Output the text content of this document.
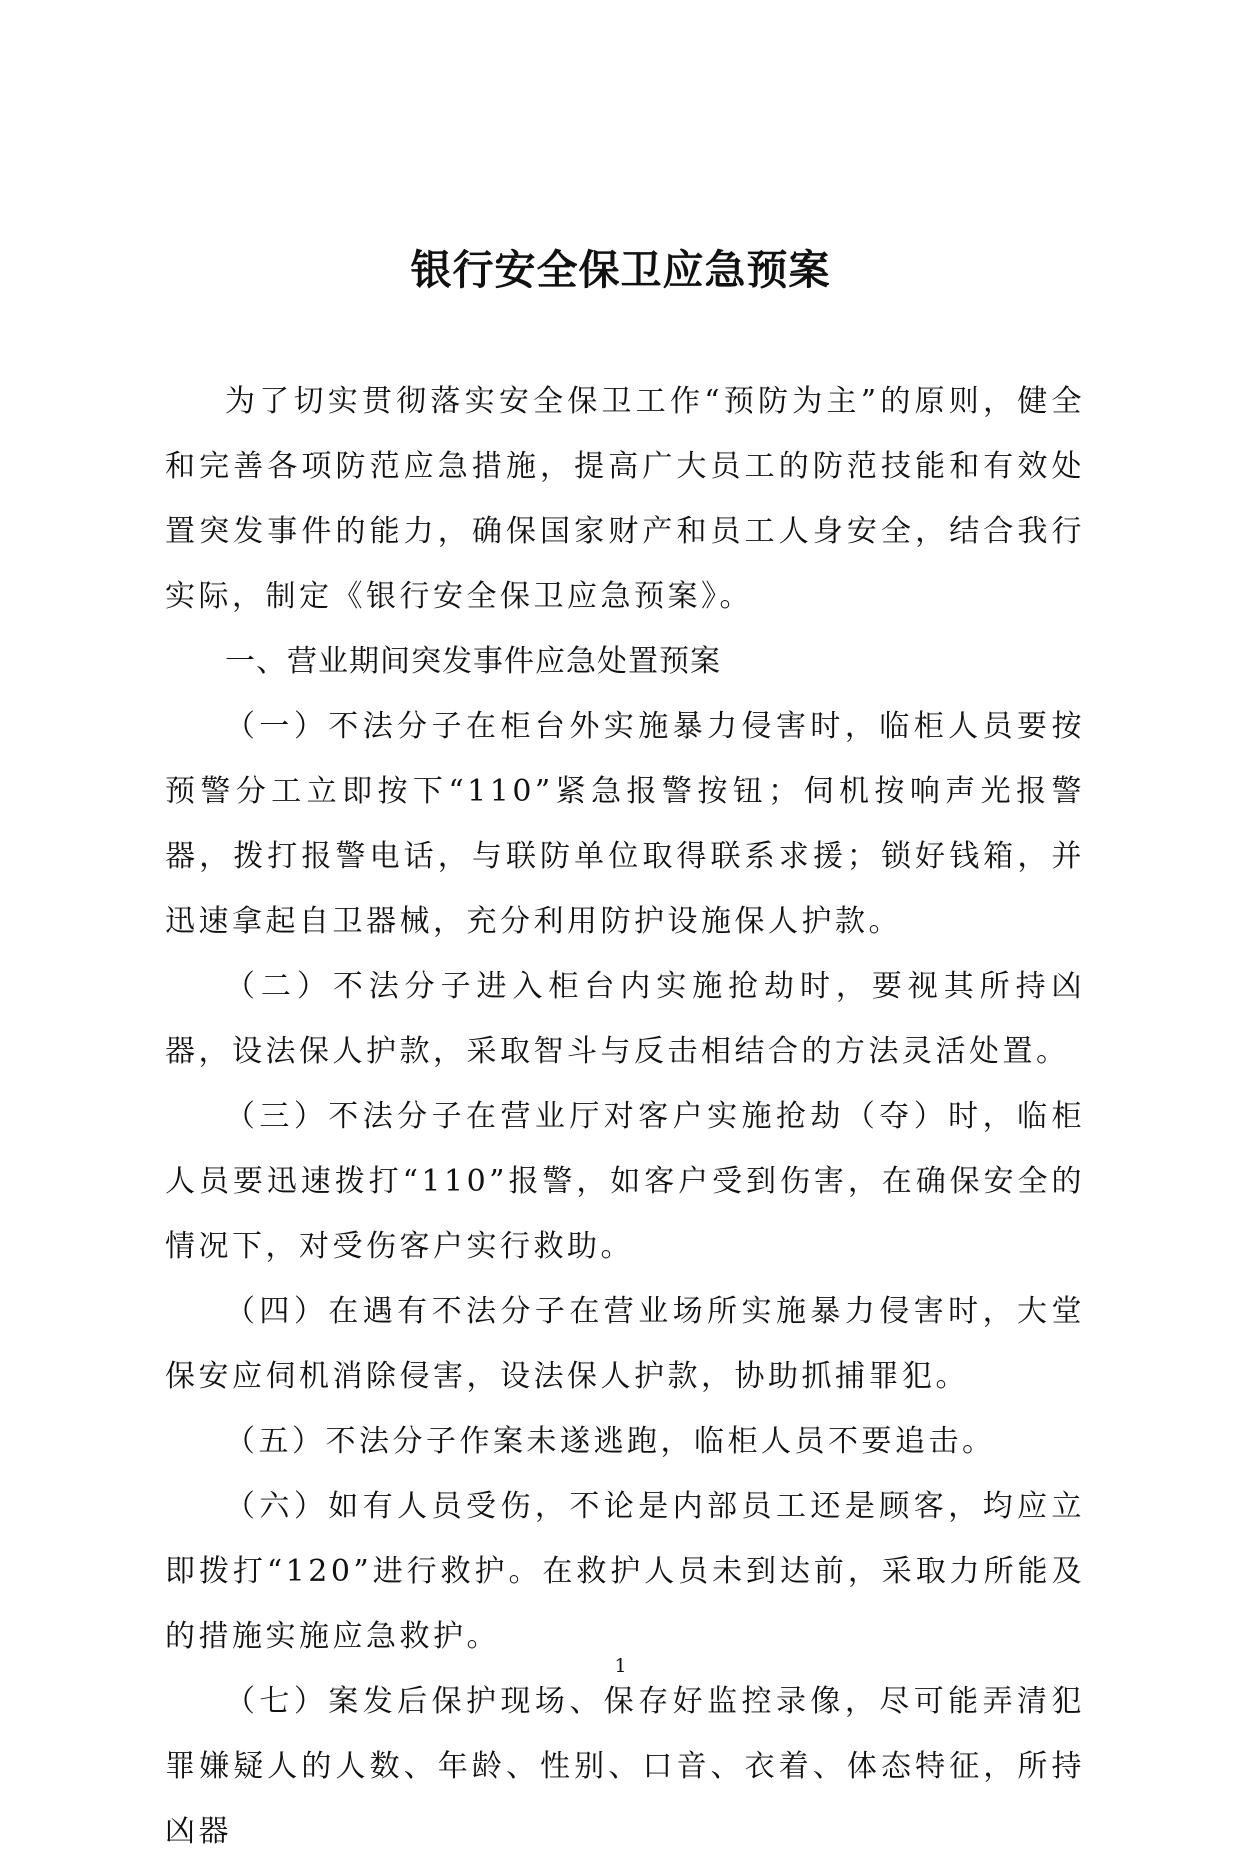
银行安全保卫应急预案

为了切实贯彻落实安全保卫工作“预防为主”的原则，健全和完善各项防范应急措施，提高广大员工的防范技能和有效处置突发事件的能力，确保国家财产和员工人身安全，结合我行实际，制定《银行安全保卫应急预案》。

一、营业期间突发事件应急处置预案

（一）不法分子在柜台外实施暴力侵害时，临柜人员要按预警分工立即按下“110”紧急报警按钮；伺机按响声光报警器，拨打报警电话，与联防单位取得联系求援；锁好钱箱，并迅速拿起自卫器械，充分利用防护设施保人护款。

（二）不法分子进入柜台内实施抢劫时，要视其所持凶器，设法保人护款，采取智斗与反击相结合的方法灵活处置。

（三）不法分子在营业厅对客户实施抢劫（夺）时，临柜人员要迅速拨打“110”报警，如客户受到伤害，在确保安全的情况下，对受伤客户实行救助。

（四）在遇有不法分子在营业场所实施暴力侵害时，大堂保安应伺机消除侵害，设法保人护款，协助抓捕罪犯。

（五）不法分子作案未遂逃跑，临柜人员不要追击。

（六）如有人员受伤，不论是内部员工还是顾客，均应立即拨打“120”进行救护。在救护人员未到达前，采取力所能及的措施实施应急救护。

（七）案发后保护现场、保存好监控录像，尽可能弄清犯罪嫌疑人的人数、年龄、性别、口音、衣着、体态特征，所持凶器

1
